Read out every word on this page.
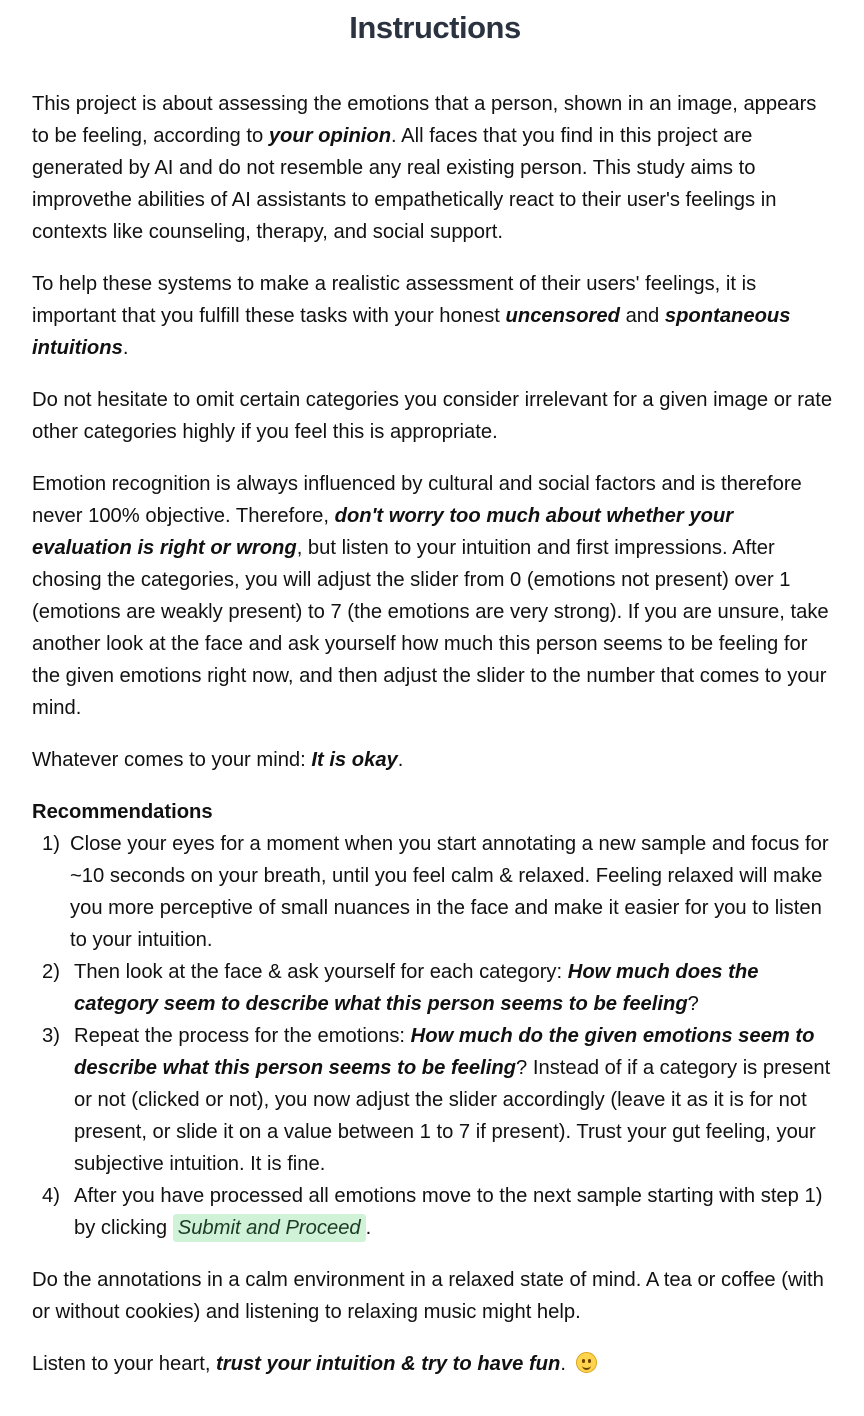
Instructions

This project is about assessing the emotions that a person, shown in an image, appears to be feeling, according to your opinion. All faces that you find in this project are generated by AI and do not resemble any real existing person. This study aims to improvethe abilities of AI assistants to empathetically react to their user's feelings in contexts like counseling, therapy, and social support.

To help these systems to make a realistic assessment of their users' feelings, it is important that you fulfill these tasks with your honest uncensored and spontaneous intuitions.

Do not hesitate to omit certain categories you consider irrelevant for a given image or rate other categories highly if you feel this is appropriate.

Emotion recognition is always influenced by cultural and social factors and is therefore never 100% objective. Therefore, don't worry too much about whether your evaluation is right or wrong, but listen to your intuition and first impressions. After chosing the categories, you will adjust the slider from 0 (emotions not present) over 1 (emotions are weakly present) to 7 (the emotions are very strong). If you are unsure, take another look at the face and ask yourself how much this person seems to be feeling for the given emotions right now, and then adjust the slider to the number that comes to your mind.

Whatever comes to your mind: It is okay.

Recommendations
1) Close your eyes for a moment when you start annotating a new sample and focus for ~10 seconds on your breath, until you feel calm & relaxed. Feeling relaxed will make you more perceptive of small nuances in the face and make it easier for you to listen to your intuition.
2) Then look at the face & ask yourself for each category: How much does the category seem to describe what this person seems to be feeling?
3) Repeat the process for the emotions: How much do the given emotions seem to describe what this person seems to be feeling? Instead of if a category is present or not (clicked or not), you now adjust the slider accordingly (leave it as it is for not present, or slide it on a value between 1 to 7 if present). Trust your gut feeling, your subjective intuition. It is fine.
4) After you have processed all emotions move to the next sample starting with step 1) by clicking Submit and Proceed .

Do the annotations in a calm environment in a relaxed state of mind. A tea or coffee (with or without cookies) and listening to relaxing music might help.

Listen to your heart, trust your intuition & try to have fun.
